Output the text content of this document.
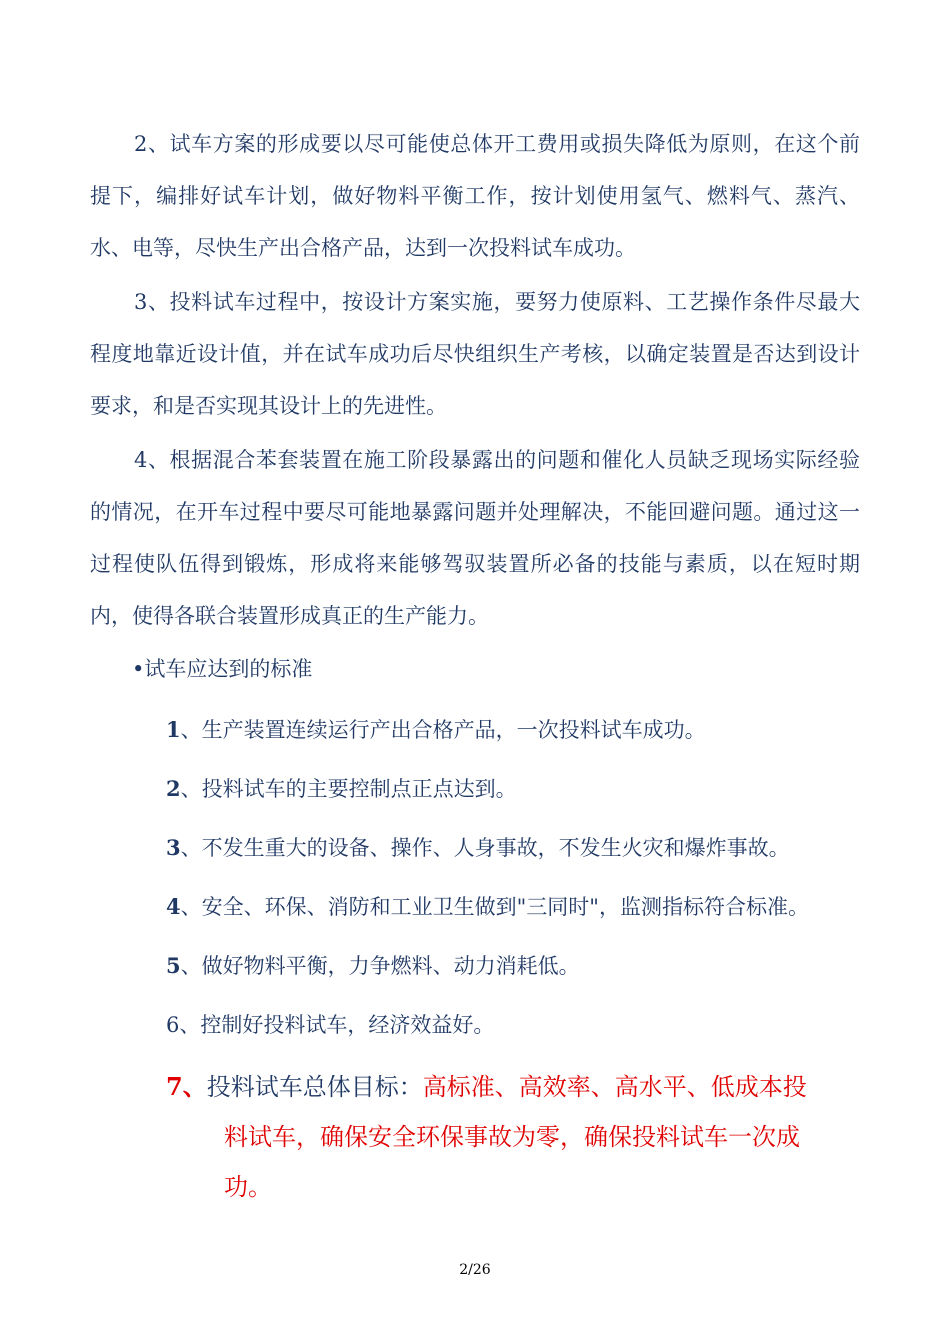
2、试车方案的形成要以尽可能使总体开工费用或损失降低为原则，在这个前提下，编排好试车计划，做好物料平衡工作，按计划使用氢气、燃料气、蒸汽、水、电等，尽快生产出合格产品，达到一次投料试车成功。

3、投料试车过程中，按设计方案实施，要努力使原料、工艺操作条件尽最大程度地靠近设计值，并在试车成功后尽快组织生产考核，以确定装置是否达到设计要求，和是否实现其设计上的先进性。

4、根据混合苯套装置在施工阶段暴露出的问题和催化人员缺乏现场实际经验的情况，在开车过程中要尽可能地暴露问题并处理解决，不能回避问题。通过这一过程使队伍得到锻炼，形成将来能够驾驭装置所必备的技能与素质，以在短时期内，使得各联合装置形成真正的生产能力。

•试车应达到的标准

1、生产装置连续运行产出合格产品，一次投料试车成功。

2、投料试车的主要控制点正点达到。

3、不发生重大的设备、操作、人身事故，不发生火灾和爆炸事故。

4、安全、环保、消防和工业卫生做到"三同时"，监测指标符合标准。

5、做好物料平衡，力争燃料、动力消耗低。

6、控制好投料试车，经济效益好。

7、投料试车总体目标：高标准、高效率、高水平、低成本投
料试车，确保安全环保事故为零，确保投料试车一次成
功。

2/26
